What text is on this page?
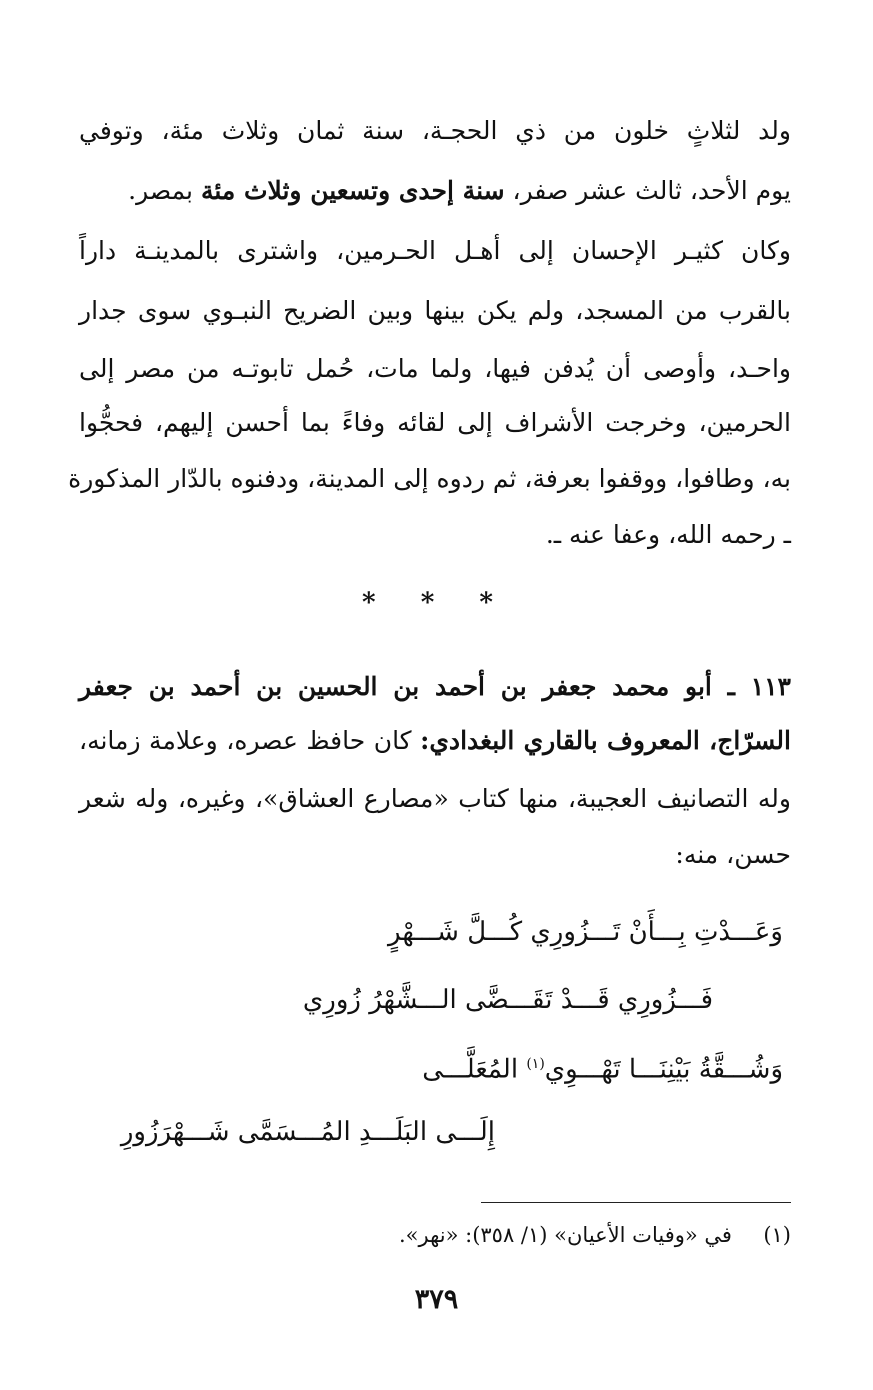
ولد لثلاثٍ خلون من ذي الحجـة، سنة ثمان وثلاث مئة، وتوفي
يوم الأحد، ثالث عشر صفر، سنة إحدى وتسعين وثلاث مئة بمصر.
وكان كثيـر الإحسان إلى أهـل الحـرمين، واشترى بالمدينـة داراً
بالقرب من المسجد، ولم يكن بينها وبين الضريح النبـوي سوى جدار
واحـد، وأوصى أن يُدفن فيها، ولما مات، حُمل تابوتـه من مصر إلى
الحرمين، وخرجت الأشراف إلى لقائه وفاءً بما أحسن إليهم، فحجُّوا
به، وطافوا، ووقفوا بعرفة، ثم ردوه إلى المدينة، ودفنوه بالدّار المذكورة
ـ رحمه الله، وعفا عنه ـ.
* * *
١١٣ ـ أبو محمد جعفر بن أحمد بن الحسين بن أحمد بن جعفر
السرّاج، المعروف بالقاري البغدادي: كان حافظ عصره، وعلامة زمانه،
وله التصانيف العجيبة، منها كتاب «مصارع العشاق»، وغيره، وله شعر
حسن، منه:
وَعَـــدْتِ بِـــأَنْ تَـــزُورِي كُـــلَّ شَـــهْرٍ
فَـــزُورِي قَـــدْ تَقَـــضَّى الـــشَّهْرُ زُورِي
وَشُـــقَّةُ بَيْنِنَـــا تَهْـــوِي$^{(١)}$ المُعَلَّـــى
إِلَـــى البَلَـــدِ المُـــسَمَّى شَـــهْرَزُورِ
(١)  في «وفيات الأعيان» (١/ ٣٥٨): «نهر».
٣٧٩
